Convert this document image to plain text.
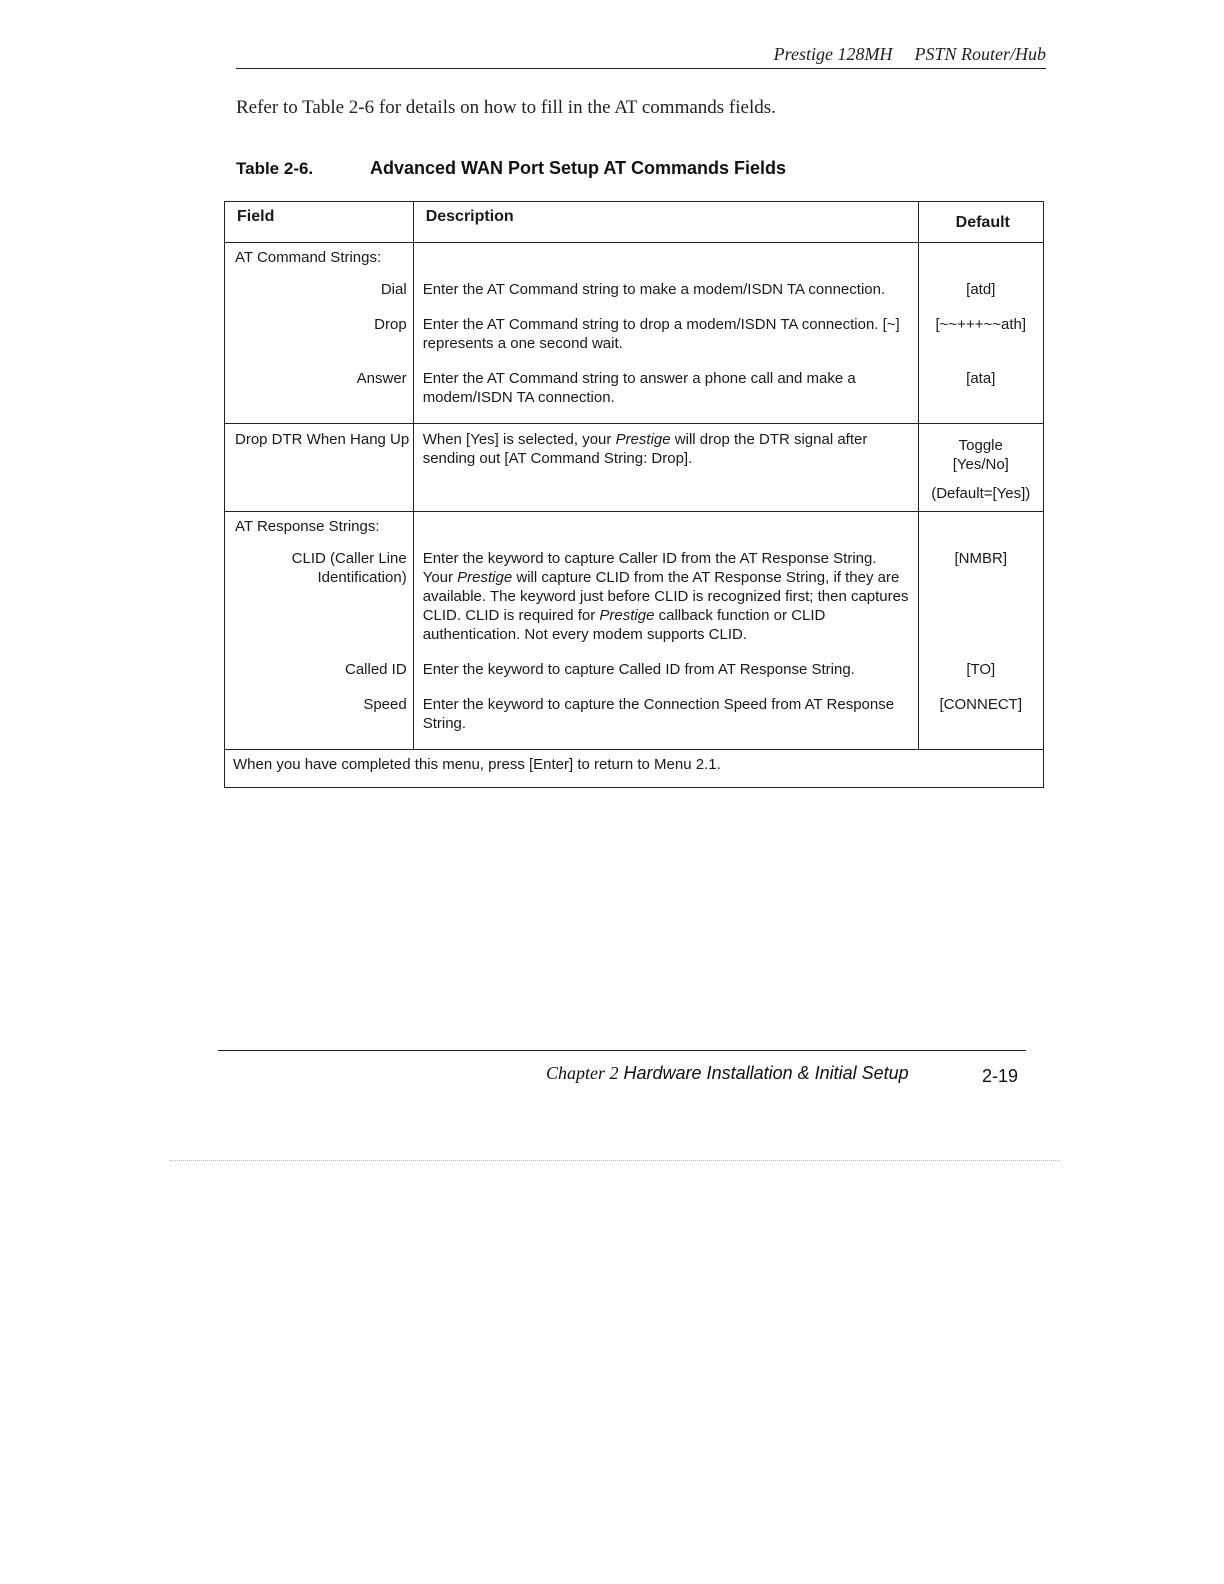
Prestige 128MH PSTN Router/Hub
Refer to Table 2-6 for details on how to fill in the AT commands fields.
Table 2-6.	Advanced WAN Port Setup AT Commands Fields
Field	Description	Default
AT Command Strings:		
Dial	Enter the AT Command string to make a modem/ISDN TA connection.	[atd]
Drop	Enter the AT Command string to drop a modem/ISDN TA connection. [~] represents a one second wait.	[~~+++~~ath]
Answer	Enter the AT Command string to answer a phone call and make a modem/ISDN TA connection.	[ata]
Drop DTR When Hang Up	When [Yes] is selected, your Prestige will drop the DTR signal after sending out [AT Command String: Drop].	Toggle [Yes/No]
(Default=[Yes])

AT Response Strings:		
CLID (Caller Line Identification)	Enter the keyword to capture Caller ID from the AT Response String. Your Prestige will capture CLID from the AT Response String, if they are available. The keyword just before CLID is recognized first; then captures CLID. CLID is required for Prestige callback function or CLID authentication. Not every modem supports CLID.	[NMBR]
Called ID	Enter the keyword to capture Called ID from AT Response String.	[TO]
Speed	Enter the keyword to capture the Connection Speed from AT Response String.	[CONNECT]
When you have completed this menu, press [Enter] to return to Menu 2.1.		
Chapter 2 Hardware Installation & Initial Setup	2-19
